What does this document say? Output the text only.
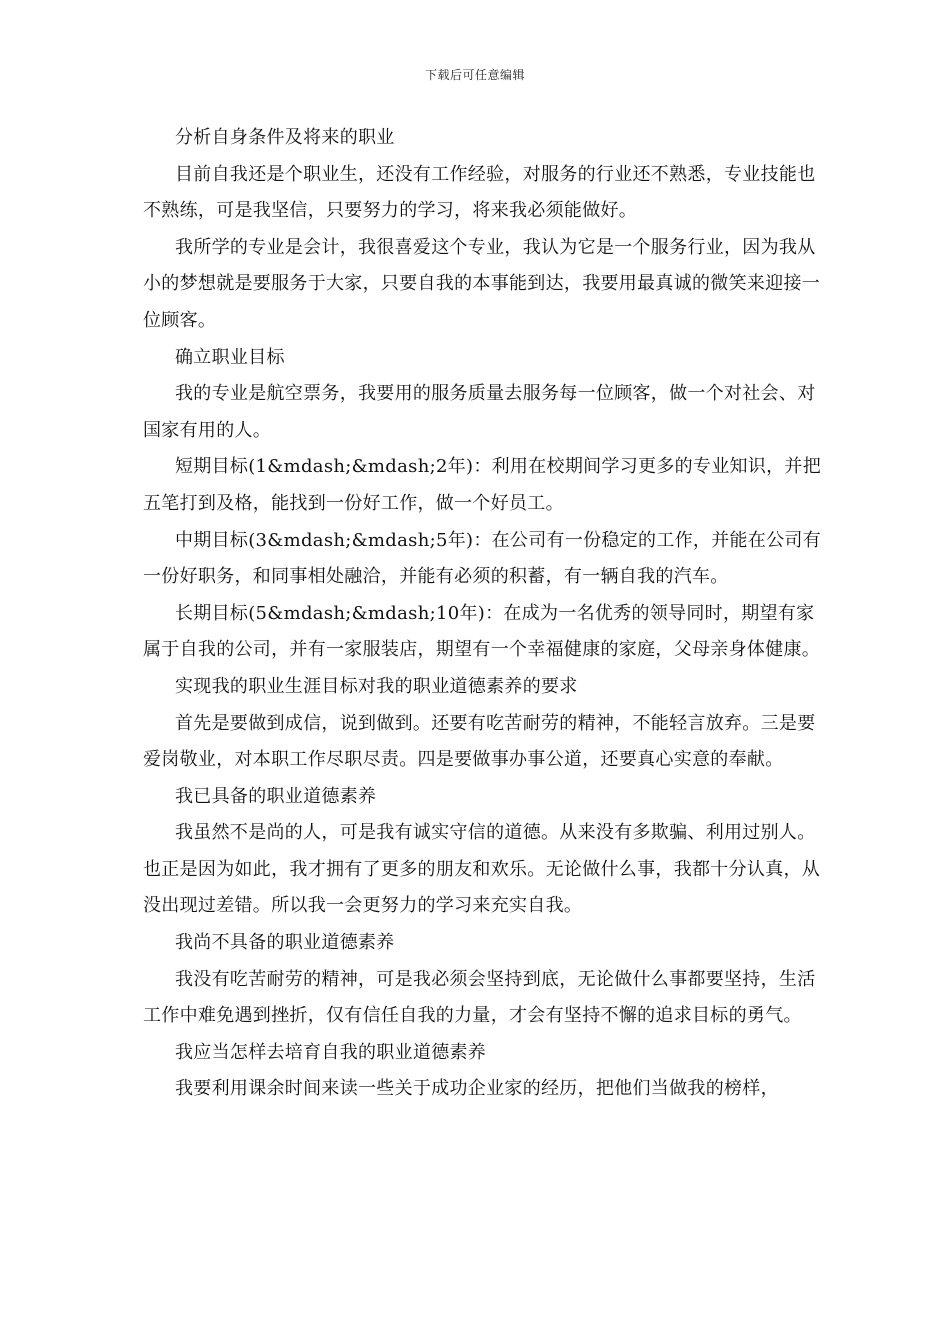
下载后可任意编辑

分析自身条件及将来的职业

目前自我还是个职业生，还没有工作经验，对服务的行业还不熟悉，专业技能也不熟练，可是我坚信，只要努力的学习，将来我必须能做好。

我所学的专业是会计，我很喜爱这个专业，我认为它是一个服务行业，因为我从小的梦想就是要服务于大家，只要自我的本事能到达，我要用最真诚的微笑来迎接一位顾客。

确立职业目标

我的专业是航空票务，我要用的服务质量去服务每一位顾客，做一个对社会、对国家有用的人。

短期目标(1&mdash;&mdash;2年)：利用在校期间学习更多的专业知识，并把五笔打到及格，能找到一份好工作，做一个好员工。

中期目标(3&mdash;&mdash;5年)：在公司有一份稳定的工作，并能在公司有一份好职务，和同事相处融洽，并能有必须的积蓄，有一辆自我的汽车。

长期目标(5&mdash;&mdash;10年)：在成为一名优秀的领导同时，期望有家属于自我的公司，并有一家服装店，期望有一个幸福健康的家庭，父母亲身体健康。

实现我的职业生涯目标对我的职业道德素养的要求

首先是要做到成信，说到做到。还要有吃苦耐劳的精神，不能轻言放弃。三是要爱岗敬业，对本职工作尽职尽责。四是要做事办事公道，还要真心实意的奉献。

我已具备的职业道德素养

我虽然不是尚的人，可是我有诚实守信的道德。从来没有多欺骗、利用过别人。也正是因为如此，我才拥有了更多的朋友和欢乐。无论做什么事，我都十分认真，从没出现过差错。所以我一会更努力的学习来充实自我。

我尚不具备的职业道德素养

我没有吃苦耐劳的精神，可是我必须会坚持到底，无论做什么事都要坚持，生活工作中难免遇到挫折，仅有信任自我的力量，才会有坚持不懈的追求目标的勇气。

我应当怎样去培育自我的职业道德素养

我要利用课余时间来读一些关于成功企业家的经历，把他们当做我的榜样，
